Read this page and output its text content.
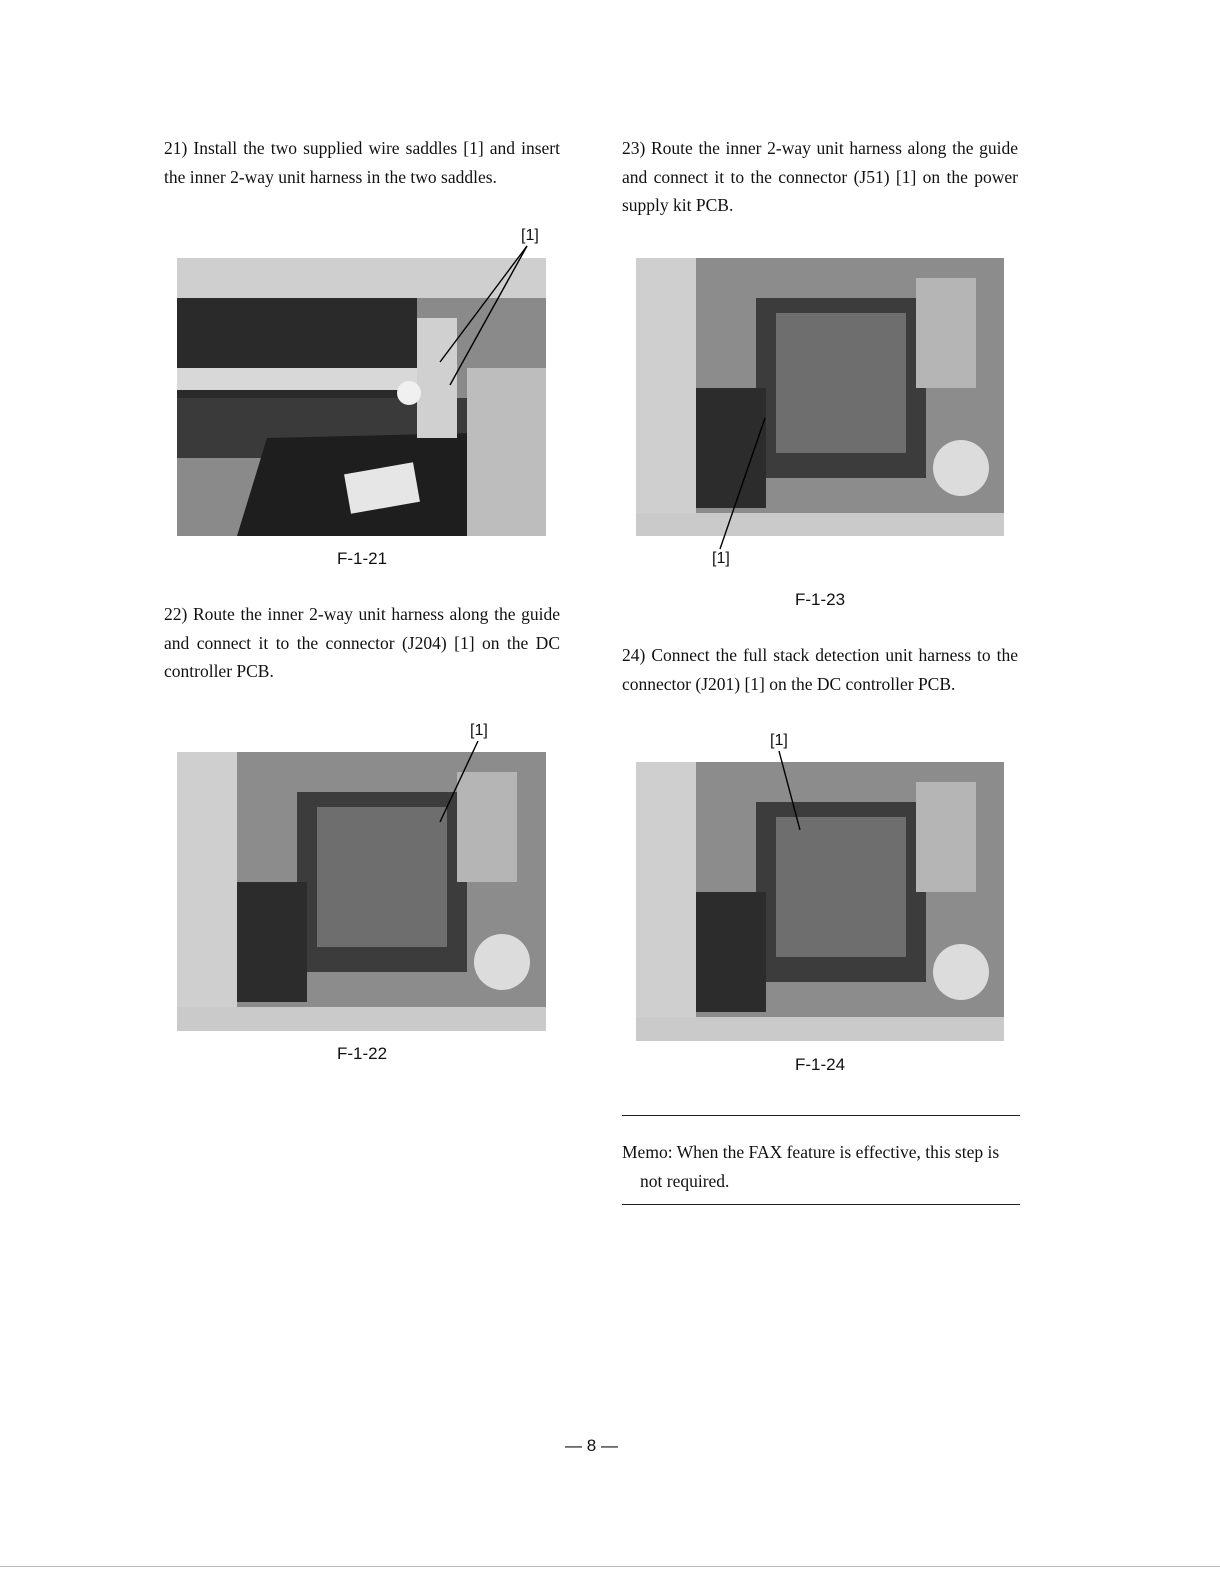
21) Install the two supplied wire saddles [1] and insert the inner 2-way unit harness in the two saddles.

[1]
F-1-21

22) Route the inner 2-way unit harness along the guide and connect it to the connector (J204) [1] on the DC controller PCB.

[1]
F-1-22

23) Route the inner 2-way unit harness along the guide and connect it to the connector (J51) [1] on the power supply kit PCB.

[1]
F-1-23

24) Connect the full stack detection unit harness to the connector (J201) [1] on the DC controller PCB.

[1]
F-1-24

Memo: When the FAX feature is effective, this step is
not required.

— 8 —
